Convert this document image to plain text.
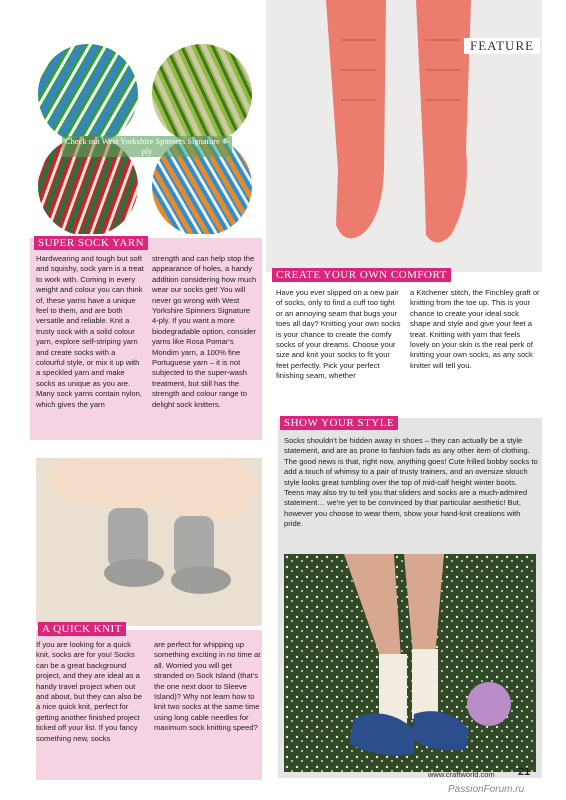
Check out West Yorkshire Spinners Signature 4-ply
FEATURE
SUPER SOCK YARN

Hardwearing and tough but soft and squishy, sock yarn is a treat to work with. Coming in every weight and colour you can think of, these yarns have a unique feel to them, and are both versatile and reliable. Knit a trusty sock with a solid colour yarn, explore self-striping yarn and create socks with a colourful style, or mix it up with a speckled yarn and make socks as unique as you are. Many sock yarns contain nylon, which gives the yarn

strength and can help stop the appearance of holes, a handy addition considering how much wear our socks get! You will never go wrong with West Yorkshire Spinners Signature 4-ply. If you want a more biodegradable option, consider yarns like Rosa Pomar's Mondim yarn, a 100% fine Portuguese yarn – it is not subjected to the super-wash treatment, but still has the strength and colour range to delight sock knitters.

CREATE YOUR OWN COMFORT

Have you ever slipped on a new pair of socks, only to find a cuff too tight or an annoying seam that bugs your toes all day? Knitting your own socks is your chance to create the comfy socks of your dreams. Choose your size and knit your socks to fit your feet perfectly. Pick your perfect finishing seam, whether

a Kitchener stitch, the Finchley graft or knitting from the toe up. This is your chance to create your ideal sock shape and style and give your feet a treat. Knitting with yarn that feels lovely on your skin is the real perk of knitting your own socks, as any sock knitter will tell you.

SHOW YOUR STYLE

Socks shouldn't be hidden away in shoes – they can actually be a style statement, and are as prone to fashion fads as any other item of clothing. The good news is that, right now, anything goes! Cute frilled bobby socks to add a touch of whimsy to a pair of trusty trainers, and an oversize slouch style looks great tumbling over the top of mid-calf height winter boots. Teens may also try to tell you that sliders and socks are a much-admired statement… we're yet to be convinced by that particular aesthetic! But, however you choose to wear them, show your hand-knit creations with pride.

A QUICK KNIT

If you are looking for a quick knit, socks are for you! Socks can be a great background project, and they are ideal as a handy travel project when out and about, but they can also be a nice quick knit, perfect for getting another finished project ticked off your list. If you fancy something new, socks

are perfect for whipping up something exciting in no time at all. Worried you will get stranded on Sock Island (that's the one next door to Sleeve Island)? Why not learn how to knit two socks at the same time using long cable needles for maximum sock knitting speed?

www.craftworld.com 21
PassionForum.ru
